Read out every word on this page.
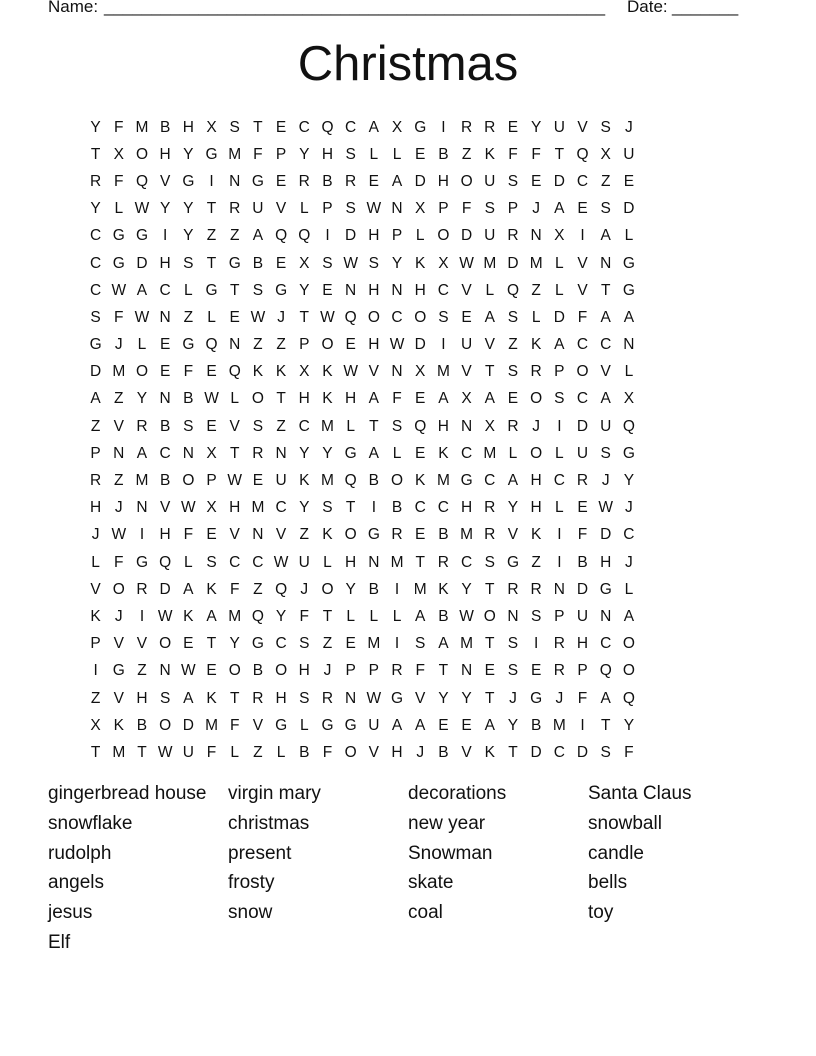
Name: _____________________________________________________ Date: _______
Christmas
Y F M B H X S T E C Q C A X G I R R E Y U V S J
T X O H Y G M F P Y H S L L E B Z K F F T Q X U
R F Q V G I N G E R B R E A D H O U S E D C Z E
Y L W Y Y T R U V L P S W N X P F S P J A E S D
C G G I	Y Z Z A Q Q I D H P L O D U R N X	I	A L
C G D H S T G B E X S W S Y K X W M D M L V N G
C W A C L G T S G Y E N H N H C V L Q Z L V T G
S F W N Z L E W J T W Q O C O S E A S L D F A A
G J L E G Q N Z Z P O E H W D I U V Z K A C C N
D M O E F E Q K K X K W V N X M V T S R P O V L
A Z Y N B W L O T H K H A F E A X A E O S C A X
Z V R B S E V S Z C M L T S Q H N X R J	I D U Q
P N A C N X T R N Y Y G A L E K C M L O L U S G
R Z M B O P W E U K M Q B O K M G C A H C R J Y
H J N V W X H M C Y S T	I	B C C H R Y H L E W J
J W I H F E V N V Z K O G R E B M R V K	I	F D C
L F G Q L S C C W U L H N M T R C S G Z	I	B H J
V O R D A K F Z Q J O Y B	I M K Y T R R N D G L
K J	I W K A M Q Y F T L L L A B W O N S P U N A
P V V O E T Y G C S Z E M I	S A M T S	I R H C O
I G Z N W E O B O H J P P R F T N E S E R P Q O
Z V H S A K T R H S R N W G V Y Y T J G J F A Q
X K B O D M F V G L G G U A A E E A Y B M I	T Y
T M T W U F L Z L B F O V H J B V K T D C D S F
gingerbread house	virgin mary	decorations	Santa Claus
snowflake	christmas	new year	snowball
rudolph	present	Snowman	candle
angels	frosty	skate	bells
jesus	snow	coal	toy
Elf
